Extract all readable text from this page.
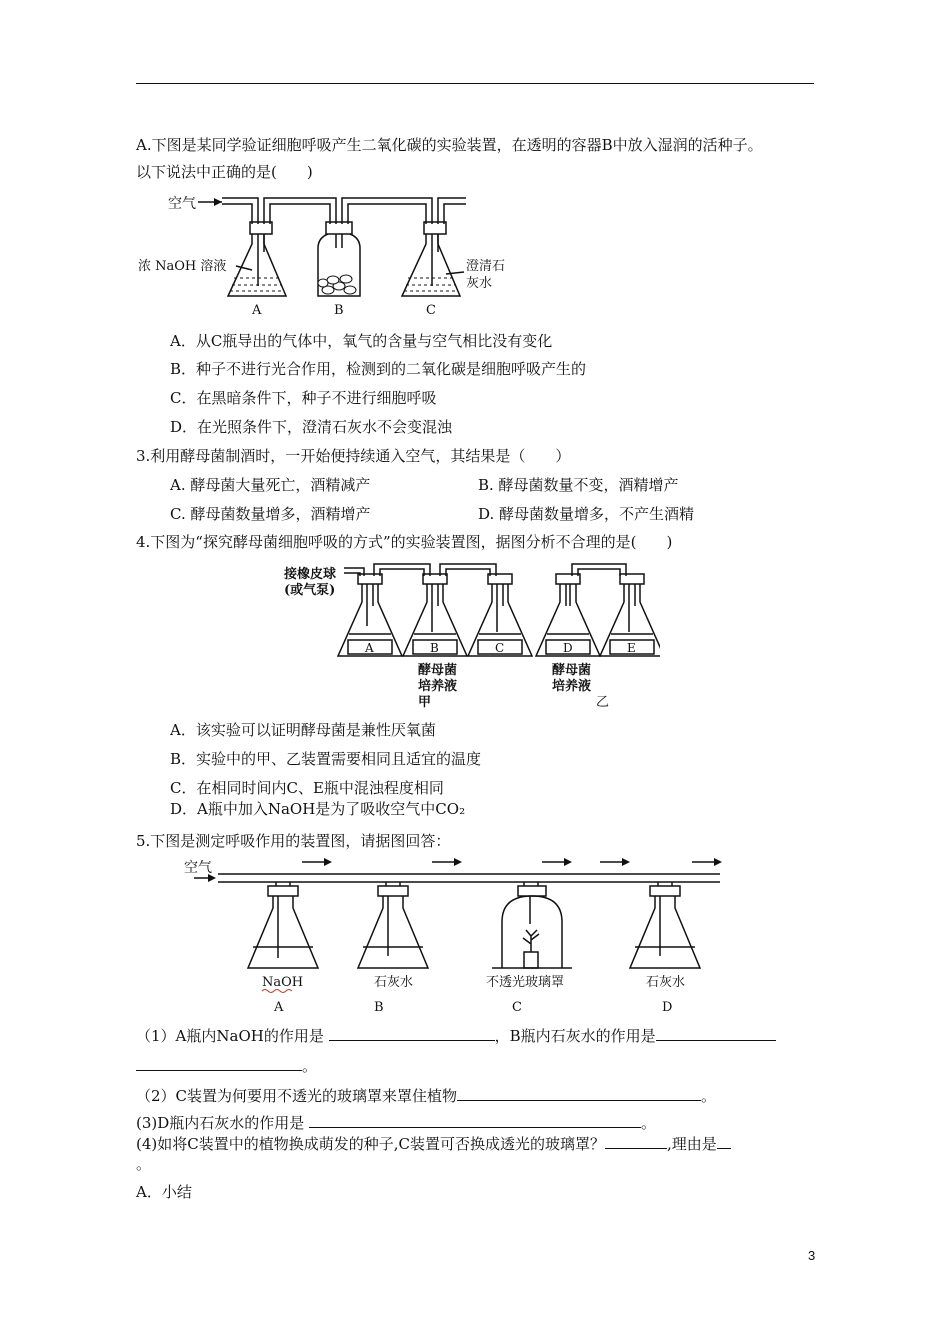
A.下图是某同学验证细胞呼吸产生二氧化碳的实验装置，在透明的容器B中放入湿润的活种子。
以下说法中正确的是(　　)
空气
浓 NaOH 溶液	澄清石
灰水
A	B	C
A．从C瓶导出的气体中，氧气的含量与空气相比没有变化
B．种子不进行光合作用，检测到的二氧化碳是细胞呼吸产生的
C．在黑暗条件下，种子不进行细胞呼吸
D．在光照条件下，澄清石灰水不会变混浊
3.利用酵母菌制酒时，一开始便持续通入空气，其结果是（　　）
A. 酵母菌大量死亡，酒精减产	B. 酵母菌数量不变，酒精增产
C. 酵母菌数量增多，酒精增产	D. 酵母菌数量增多，不产生酒精
4.下图为“探究酵母菌细胞呼吸的方式”的实验装置图，据图分析不合理的是(　　)
接橡皮球
(或气泵)
A	B	C	D	E
酵母菌
培养液
甲
酵母菌
培养液
乙
A．该实验可以证明酵母菌是兼性厌氧菌
B．实验中的甲、乙装置需要相同且适宜的温度
C．在相同时间内C、E瓶中混浊程度相同
D．A瓶中加入NaOH是为了吸收空气中CO₂
5.下图是测定呼吸作用的装置图，请据图回答：
空气
NaOH	石灰水	不透光玻璃罩	石灰水
A	B	C	D
（1）A瓶内NaOH的作用是	，B瓶内石灰水的作用是
。
（2）C装置为何要用不透光的玻璃罩来罩住植物	。
(3)D瓶内石灰水的作用是	。
(4)如将C装置中的植物换成萌发的种子,C装置可否换成透光的玻璃罩？	,理由是
。
A．小结
3
